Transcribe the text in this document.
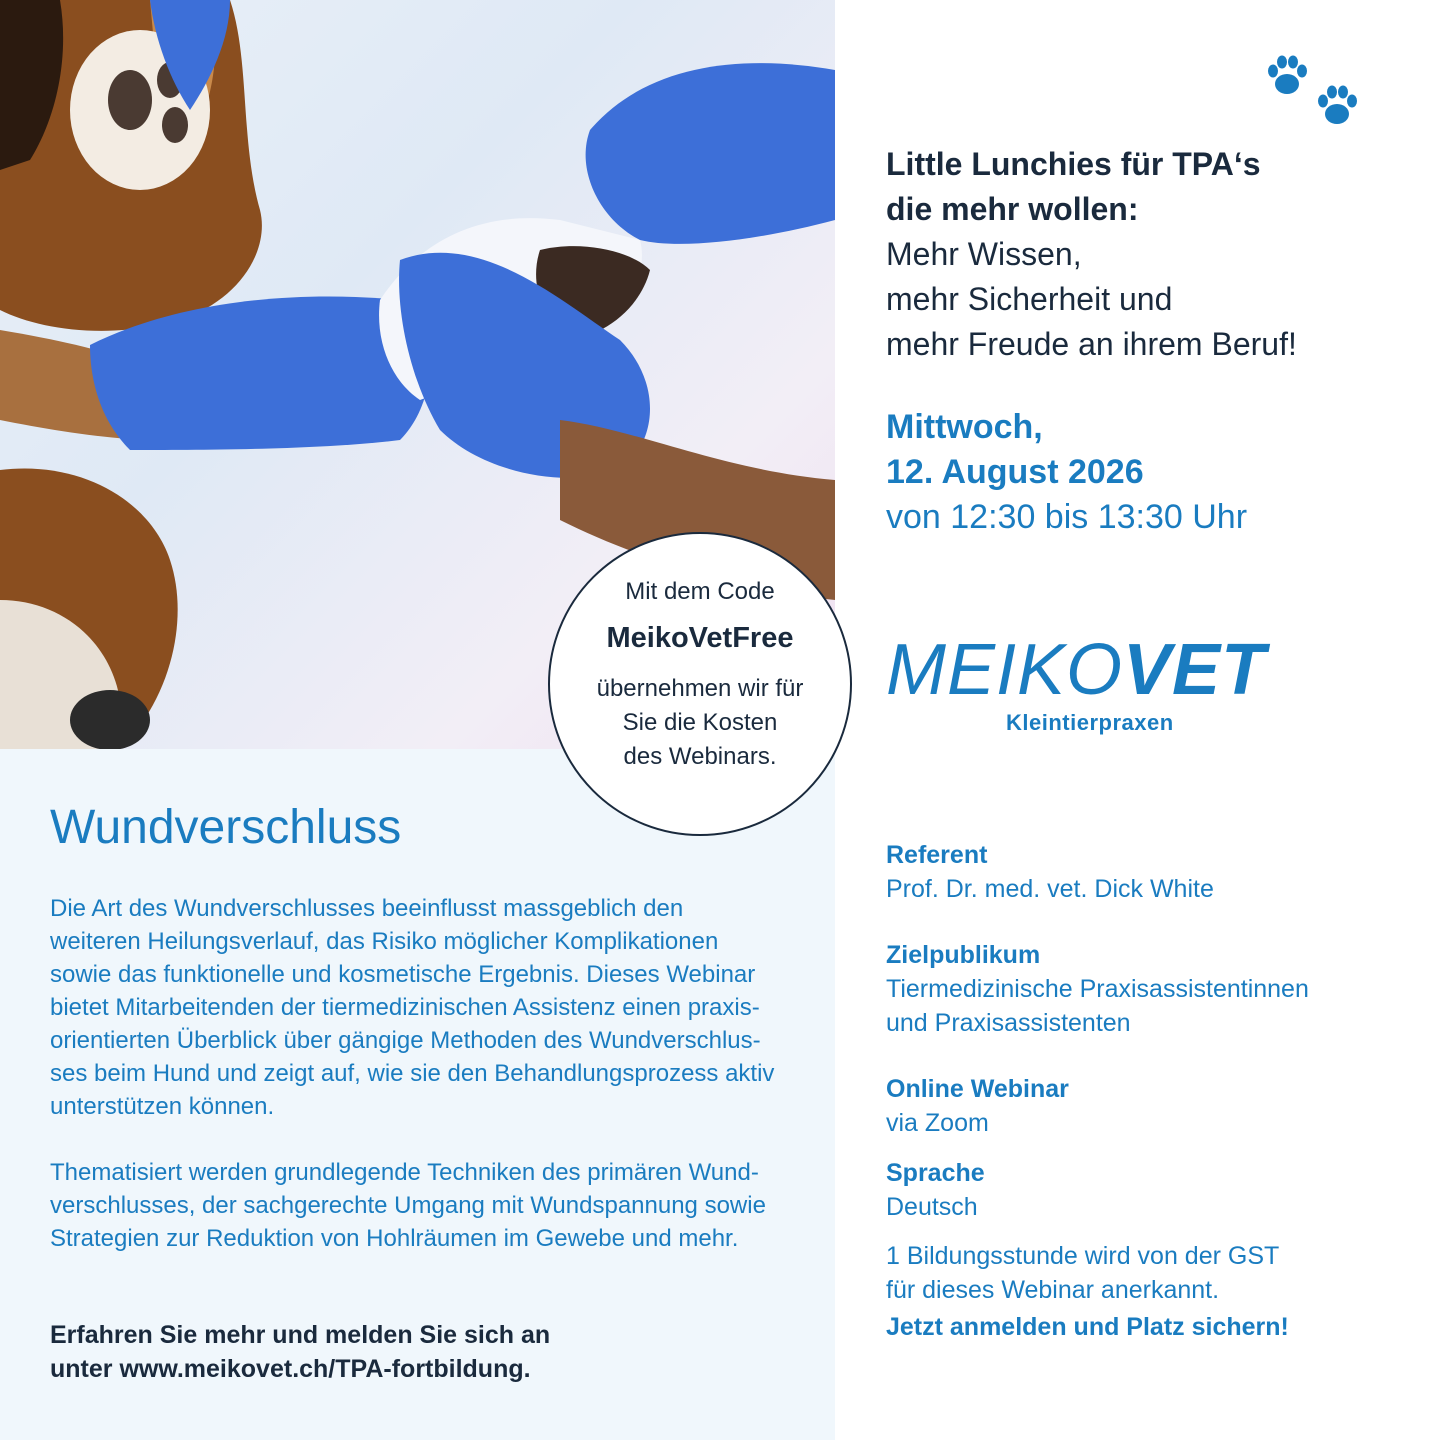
Little Lunchies für TPA‘s
die mehr wollen:
Mehr Wissen,
mehr Sicherheit und
mehr Freude an ihrem Beruf!
Mittwoch,
12. August 2026
von 12:30 bis 13:30 Uhr
MEIKOVET
Kleintierpraxen
Mit dem Code
MeikoVetFree
übernehmen wir für
Sie die Kosten
des Webinars.
Referent
Prof. Dr. med. vet. Dick White
Zielpublikum
Tiermedizinische Praxisassistentinnen
und Praxisassistenten
Online Webinar
via Zoom
Sprache
Deutsch
1 Bildungsstunde wird von der GST
für dieses Webinar anerkannt.
Jetzt anmelden und Platz sichern!
Wundverschluss

Die Art des Wundverschlusses beeinflusst massgeblich den
weiteren Heilungsverlauf, das Risiko möglicher Komplikationen
sowie das funktionelle und kosmetische Ergebnis. Dieses Webinar
bietet Mitarbeitenden der tiermedizinischen Assistenz einen praxis-
orientierten Überblick über gängige Methoden des Wundverschlus-
ses beim Hund und zeigt auf, wie sie den Behandlungsprozess aktiv
unterstützen können.

Thematisiert werden grundlegende Techniken des primären Wund-
verschlusses, der sachgerechte Umgang mit Wundspannung sowie
Strategien zur Reduktion von Hohlräumen im Gewebe und mehr.

Erfahren Sie mehr und melden Sie sich an
unter www.meikovet.ch/TPA-fortbildung.
